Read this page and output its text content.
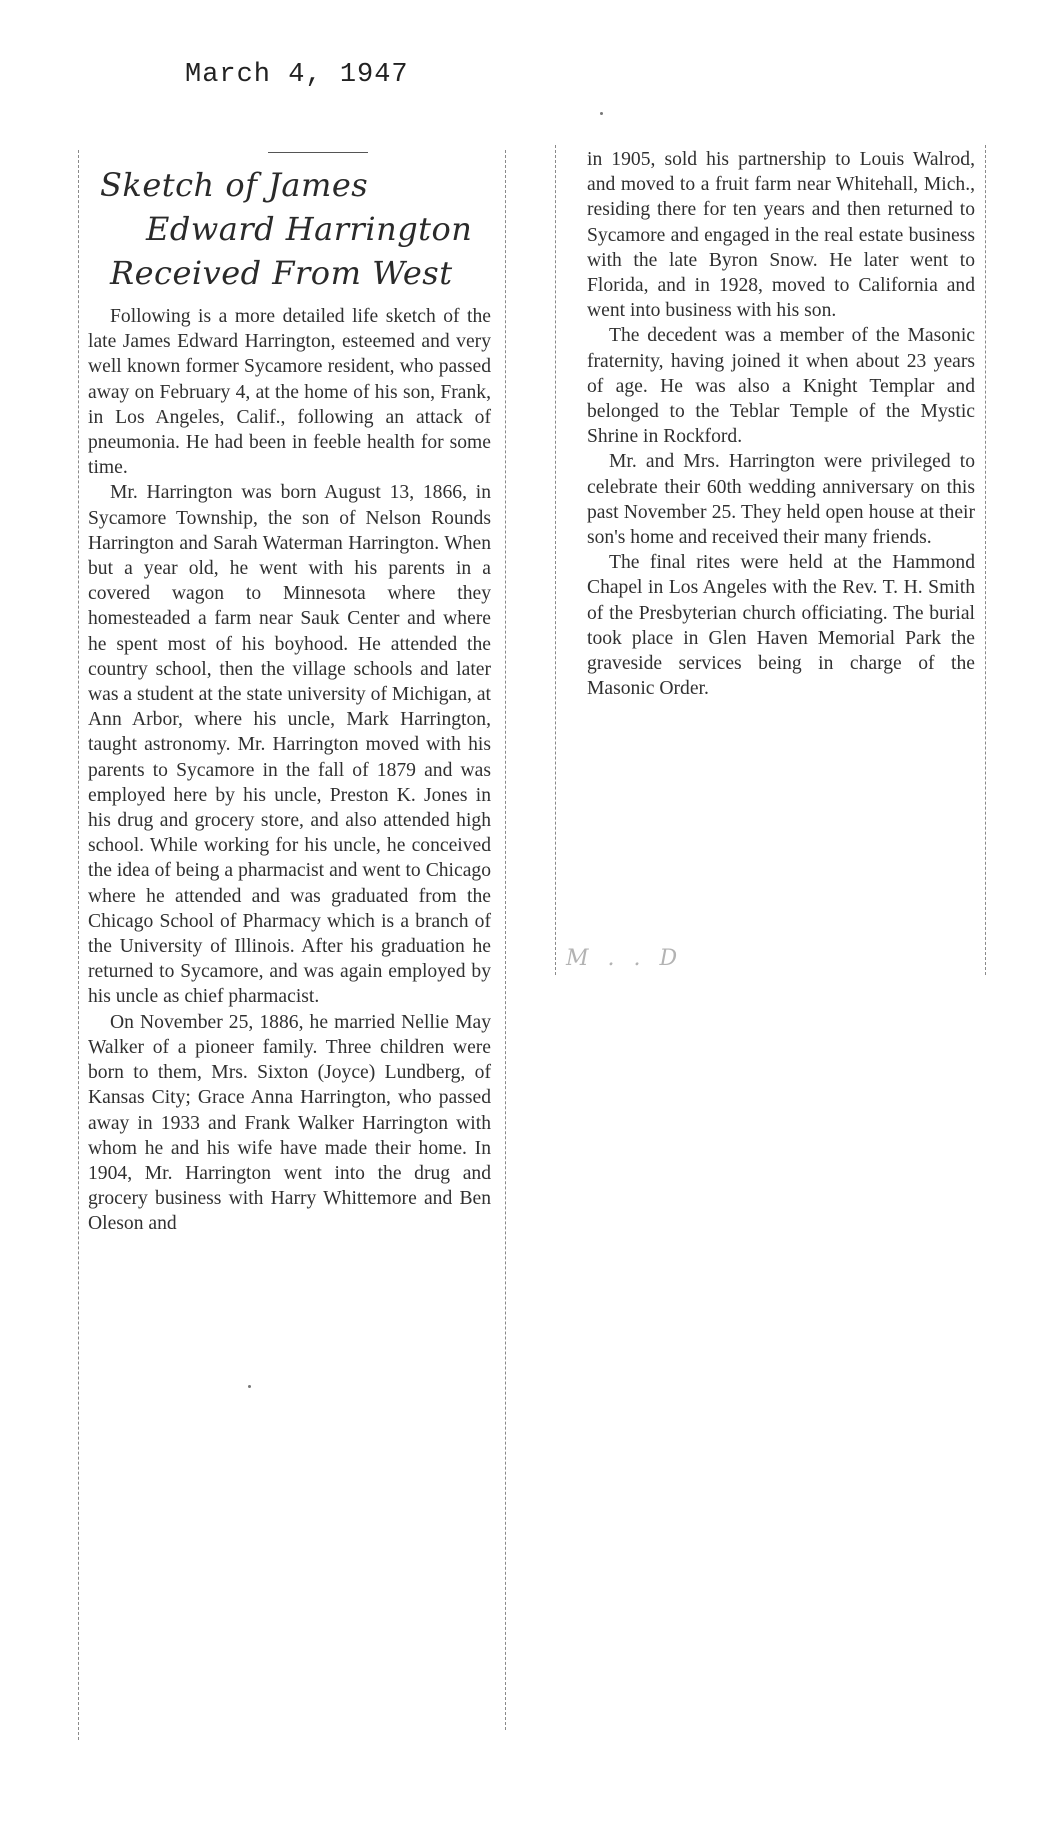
March 4, 1947
Sketch of James
Edward Harrington
Received From West

Following is a more detailed life sketch of the late James Edward Harrington, esteemed and very well known former Sycamore resident, who passed away on February 4, at the home of his son, Frank, in Los Angeles, Calif., following an attack of pneumonia. He had been in feeble health for some time.

Mr. Harrington was born August 13, 1866, in Sycamore Township, the son of Nelson Rounds Harrington and Sarah Waterman Harrington. When but a year old, he went with his parents in a covered wagon to Minnesota where they homesteaded a farm near Sauk Center and where he spent most of his boyhood. He attended the country school, then the village schools and later was a student at the state university of Michigan, at Ann Arbor, where his uncle, Mark Harrington, taught astronomy. Mr. Harrington moved with his parents to Sycamore in the fall of 1879 and was employed here by his uncle, Preston K. Jones in his drug and grocery store, and also attended high school. While working for his uncle, he conceived the idea of being a pharmacist and went to Chicago where he attended and was graduated from the Chicago School of Pharmacy which is a branch of the University of Illinois. After his graduation he returned to Sycamore, and was again employed by his uncle as chief pharmacist.

On November 25, 1886, he married Nellie May Walker of a pioneer family. Three children were born to them, Mrs. Sixton (Joyce) Lundberg, of Kansas City; Grace Anna Harrington, who passed away in 1933 and Frank Walker Harrington with whom he and his wife have made their home. In 1904, Mr. Harrington went into the drug and grocery business with Harry Whittemore and Ben Oleson and

in 1905, sold his partnership to Louis Walrod, and moved to a fruit farm near Whitehall, Mich., residing there for ten years and then returned to Sycamore and engaged in the real estate business with the late Byron Snow. He later went to Florida, and in 1928, moved to California and went into business with his son.

The decedent was a member of the Masonic fraternity, having joined it when about 23 years of age. He was also a Knight Templar and belonged to the Teblar Temple of the Mystic Shrine in Rockford.

Mr. and Mrs. Harrington were privileged to celebrate their 60th wedding anniversary on this past November 25. They held open house at their son's home and received their many friends.

The final rites were held at the Hammond Chapel in Los Angeles with the Rev. T. H. Smith of the Presbyterian church officiating. The burial took place in Glen Haven Memorial Park the graveside services being in charge of the Masonic Order.

M . . D
